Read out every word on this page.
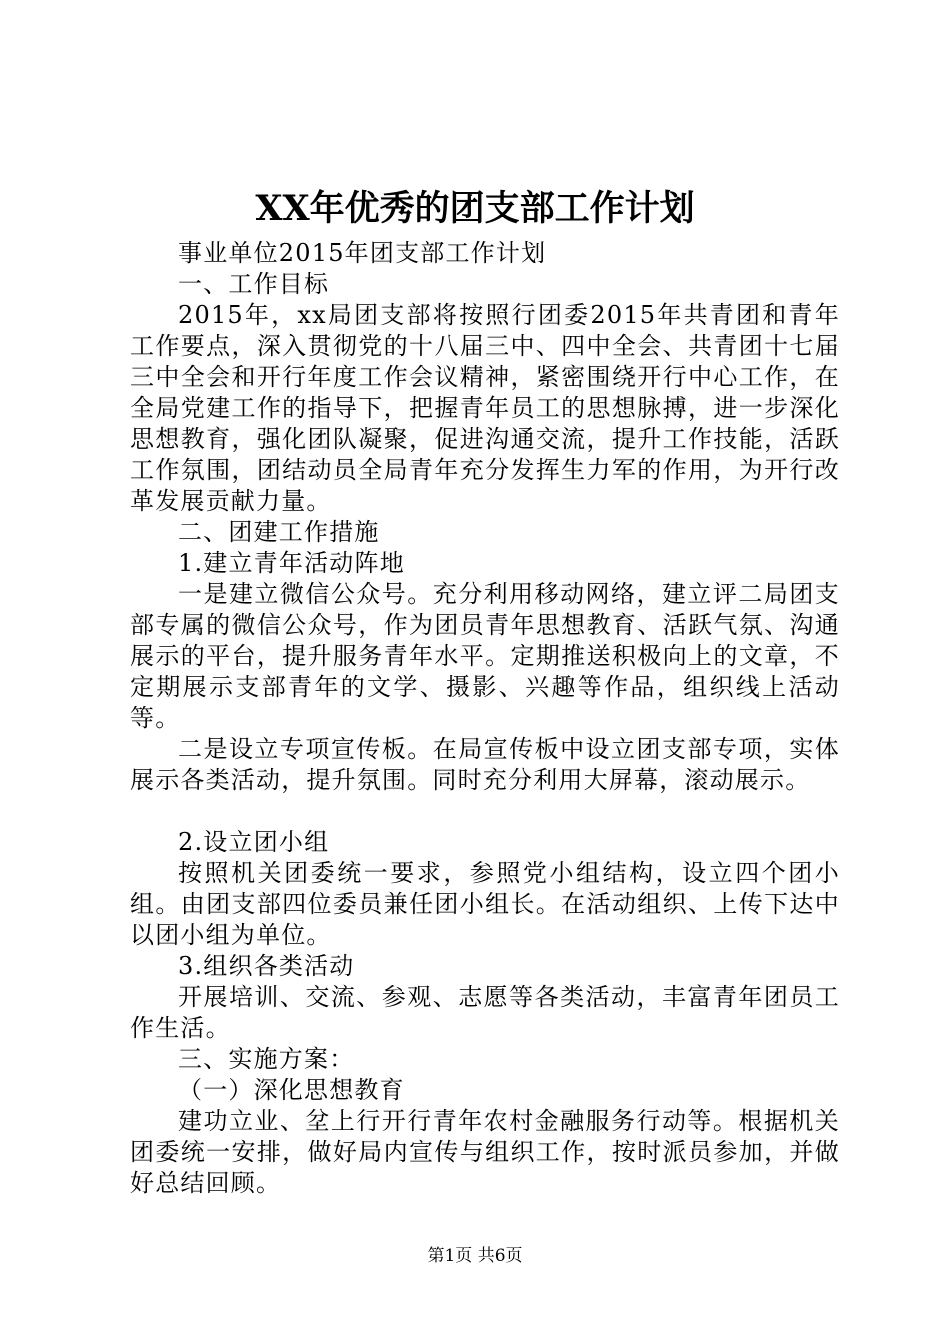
XX年优秀的团支部工作计划

事业单位2015年团支部工作计划

一、工作目标

2015年，xx局团支部将按照行团委2015年共青团和青年工作要点，深入贯彻党的十八届三中、四中全会、共青团十七届三中全会和开行年度工作会议精神，紧密围绕开行中心工作，在全局党建工作的指导下，把握青年员工的思想脉搏，进一步深化思想教育，强化团队凝聚，促进沟通交流，提升工作技能，活跃工作氛围，团结动员全局青年充分发挥生力军的作用，为开行改革发展贡献力量。

二、团建工作措施

1.建立青年活动阵地

一是建立微信公众号。充分利用移动网络，建立评二局团支部专属的微信公众号，作为团员青年思想教育、活跃气氛、沟通展示的平台，提升服务青年水平。定期推送积极向上的文章，不定期展示支部青年的文学、摄影、兴趣等作品，组织线上活动等。

二是设立专项宣传板。在局宣传板中设立团支部专项，实体展示各类活动，提升氛围。同时充分利用大屏幕，滚动展示。

2.设立团小组

按照机关团委统一要求，参照党小组结构，设立四个团小组。由团支部四位委员兼任团小组长。在活动组织、上传下达中以团小组为单位。

3.组织各类活动

开展培训、交流、参观、志愿等各类活动，丰富青年团员工作生活。

三、实施方案：

（一）深化思想教育

建功立业、坌上行开行青年农村金融服务行动等。根据机关团委统一安排，做好局内宣传与组织工作，按时派员参加，并做好总结回顾。

第1页 共6页
